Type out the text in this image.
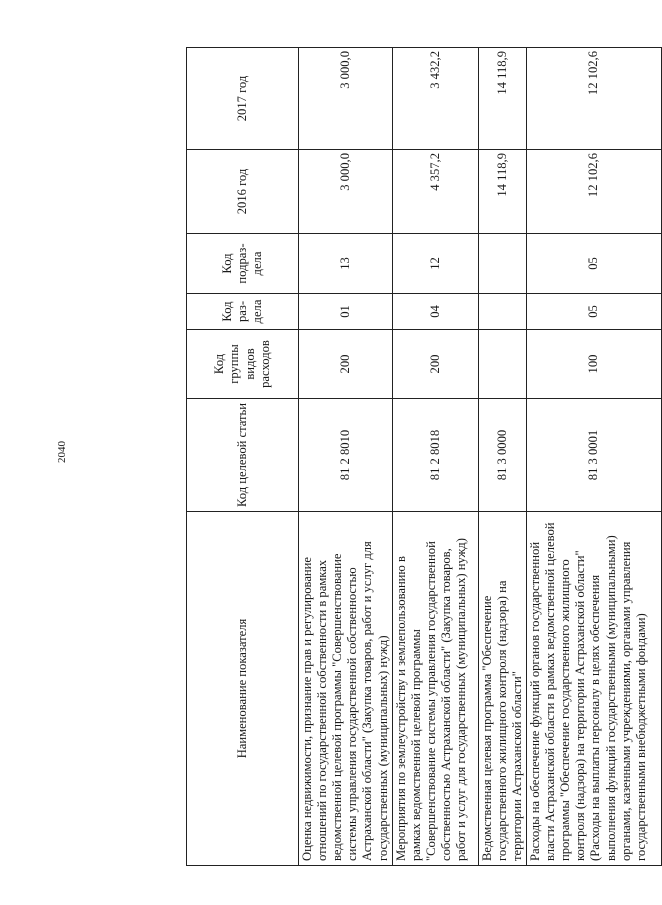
2040
Наименование показателя	Код целевой статьи	Код группы видов расходов	Код раз-дела	Код подраз-дела	2016 год	2017 год
Оценка недвижимости, признание прав и регулирование отношений по государственной собственности в рамках ведомственной целевой программы "Совершенствование системы управления государственной собственностью Астраханской области" (Закупка товаров, работ и услуг для государственных (муниципальных) нужд)	81 2 8010	200	01	13	3 000,0	3 000,0
Мероприятия по землеустройству и землепользованию в рамках ведомственной целевой программы "Совершенствование системы управления государственной собственностью Астраханской области" (Закупка товаров, работ и услуг для государственных (муниципальных) нужд)	81 2 8018	200	04	12	4 357,2	3 432,2
Ведомственная целевая программа "Обеспечение государственного жилищного контроля (надзора) на территории Астраханской области"	81 3 0000				14 118,9	14 118,9
Расходы на обеспечение функций органов государственной власти Астраханской области в рамках ведомственной целевой программы "Обеспечение государственного жилищного контроля (надзора) на территории Астраханской области" (Расходы на выплаты персоналу в целях обеспечения выполнения функций государственными (муниципальными) органами, казенными учреждениями, органами управления государственными внебюджетными фондами)	81 3 0001	100	05	05	12 102,6	12 102,6
